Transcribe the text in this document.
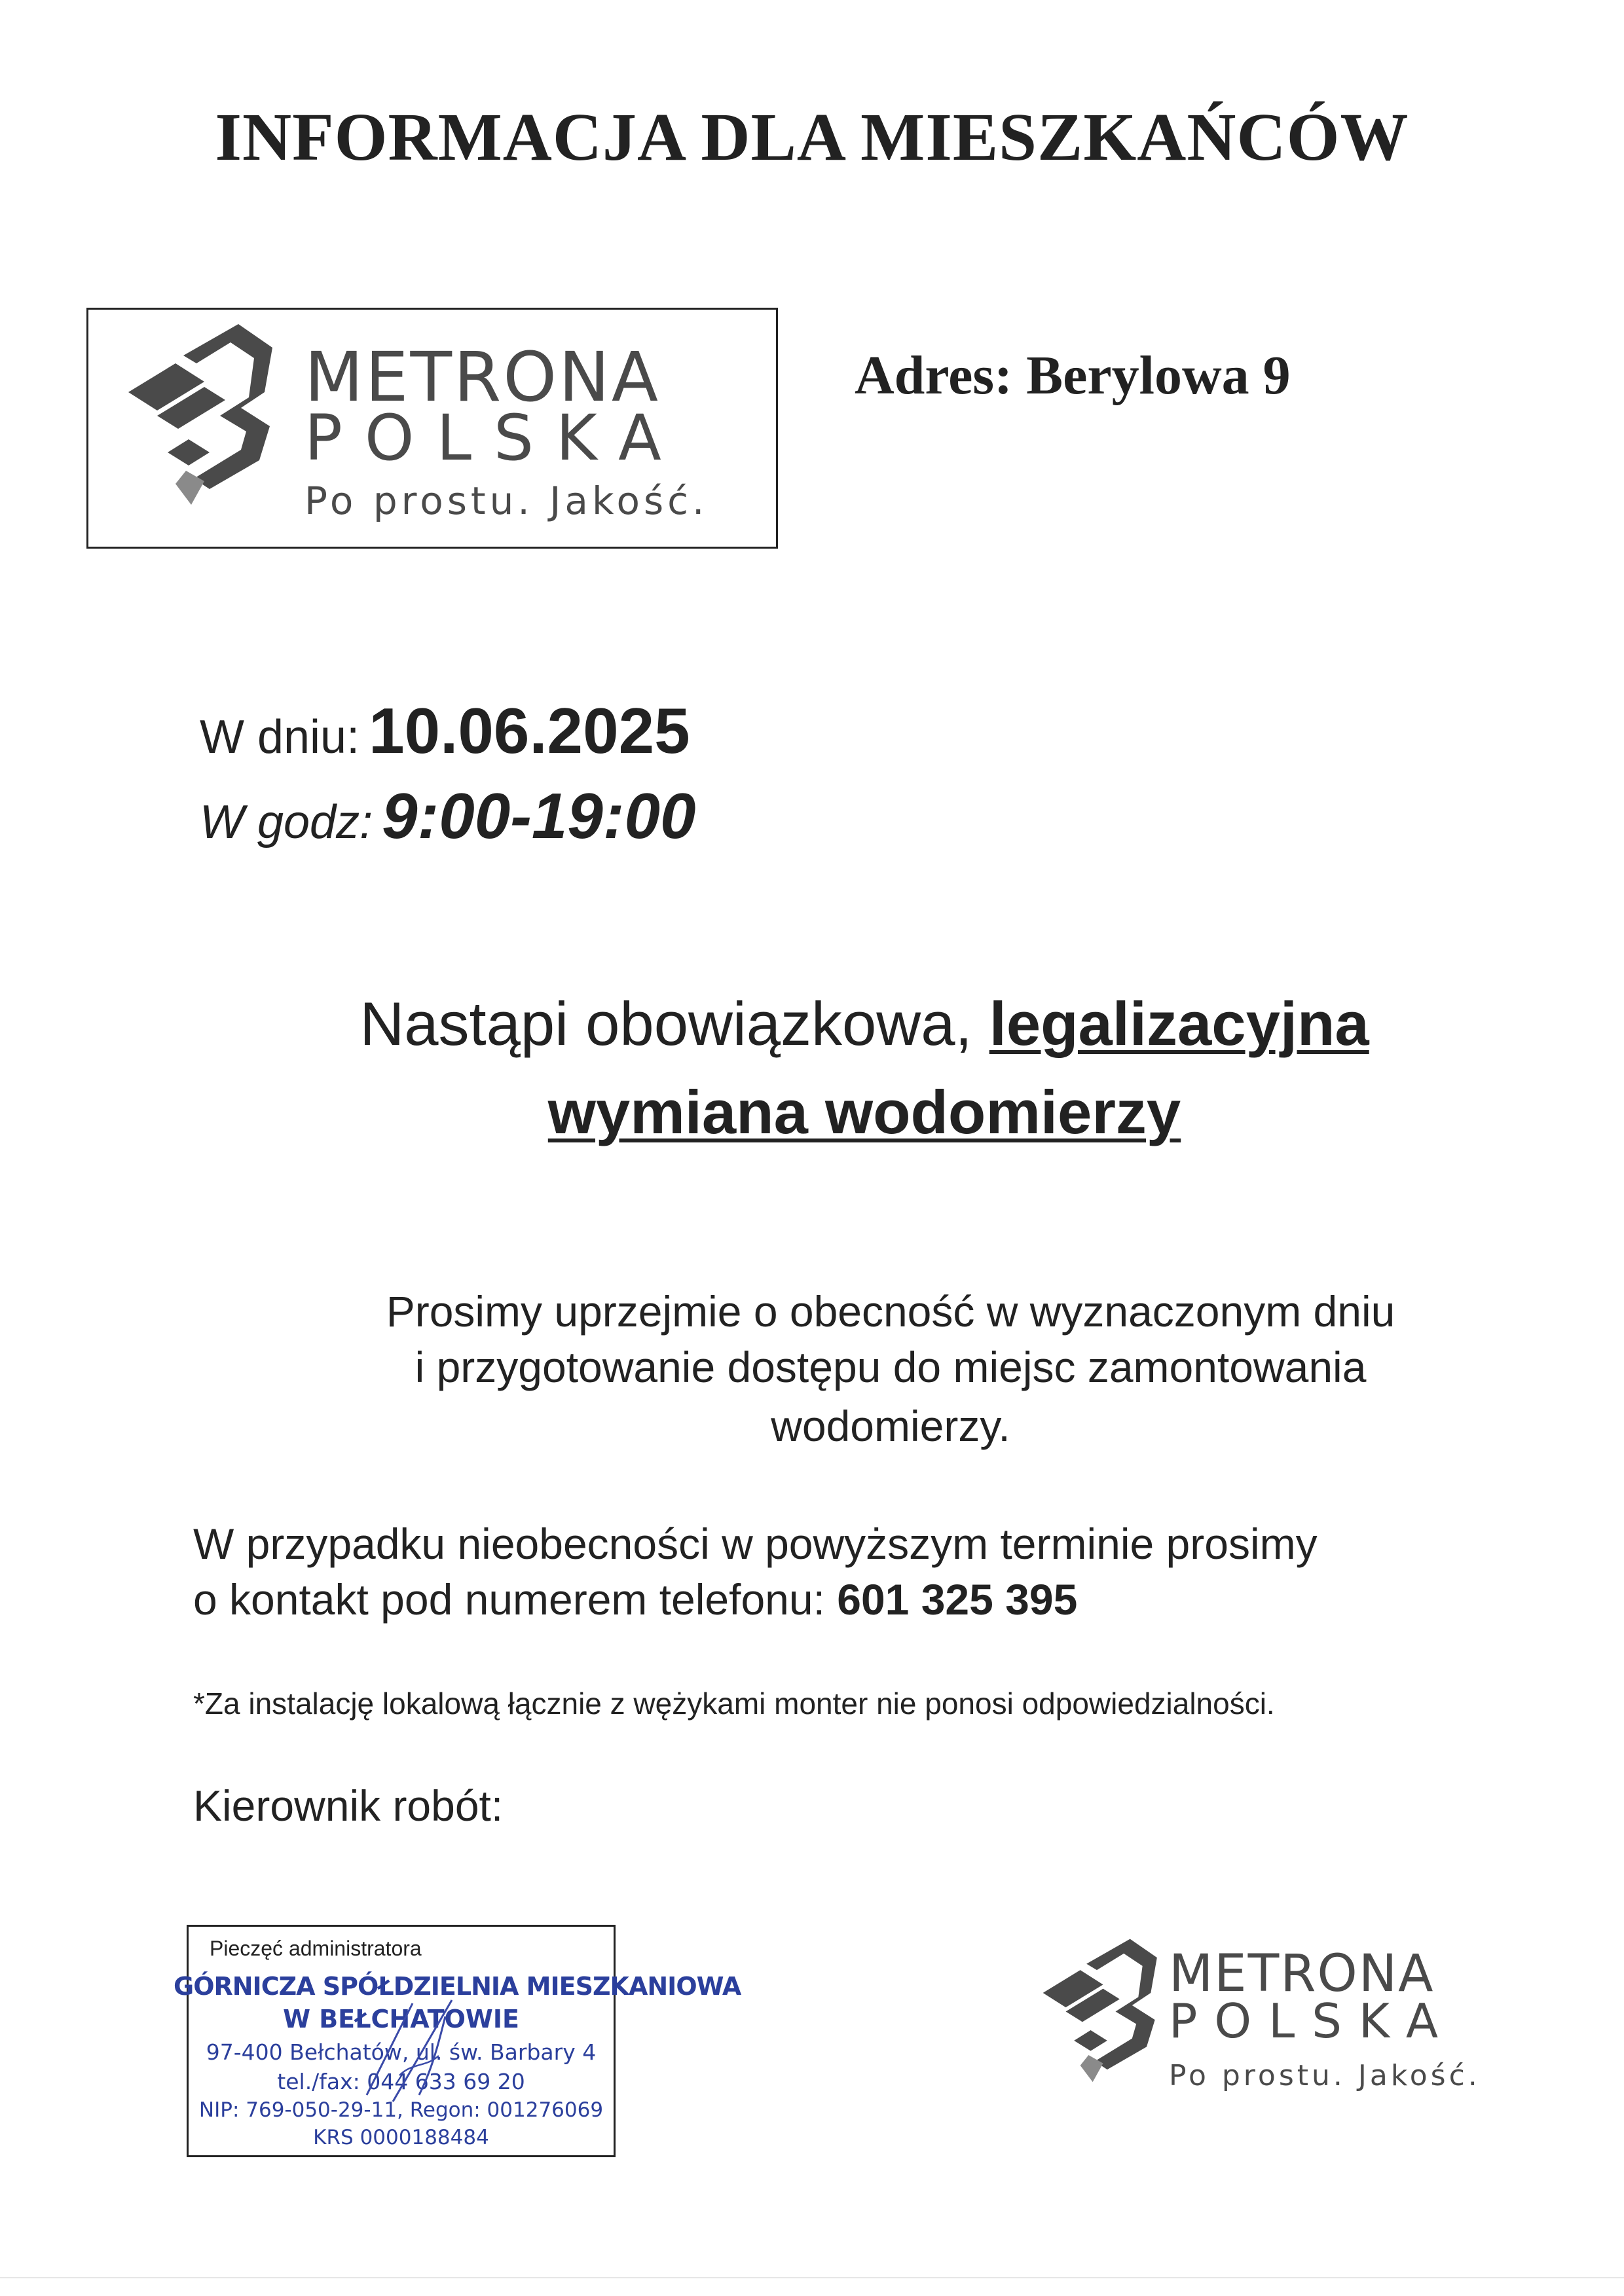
INFORMACJA DLA MIESZKAŃCÓW
METRONA
POLSKA
Po prostu. Jakość.
Adres: Berylowa 9
W dniu: 10.06.2025
W godz: 9:00-19:00
Nastąpi obowiązkowa, legalizacyjna
wymiana wodomierzy
Prosimy uprzejmie o obecność w wyznaczonym dniu
i przygotowanie dostępu do miejsc zamontowania
wodomierzy.
W przypadku nieobecności w powyższym terminie prosimy
o kontakt pod numerem telefonu: 601 325 395
*Za instalację lokalową łącznie z wężykami monter nie ponosi odpowiedzialności.
Kierownik robót:
Pieczęć administratora
GÓRNICZA SPÓŁDZIELNIA MIESZKANIOWA
W BEŁCHATOWIE
97-400 Bełchatów, ul. św. Barbary 4
tel./fax: 044 633 69 20
NIP: 769-050-29-11, Regon: 001276069
KRS 0000188484
METRONA
POLSKA
Po prostu. Jakość.
